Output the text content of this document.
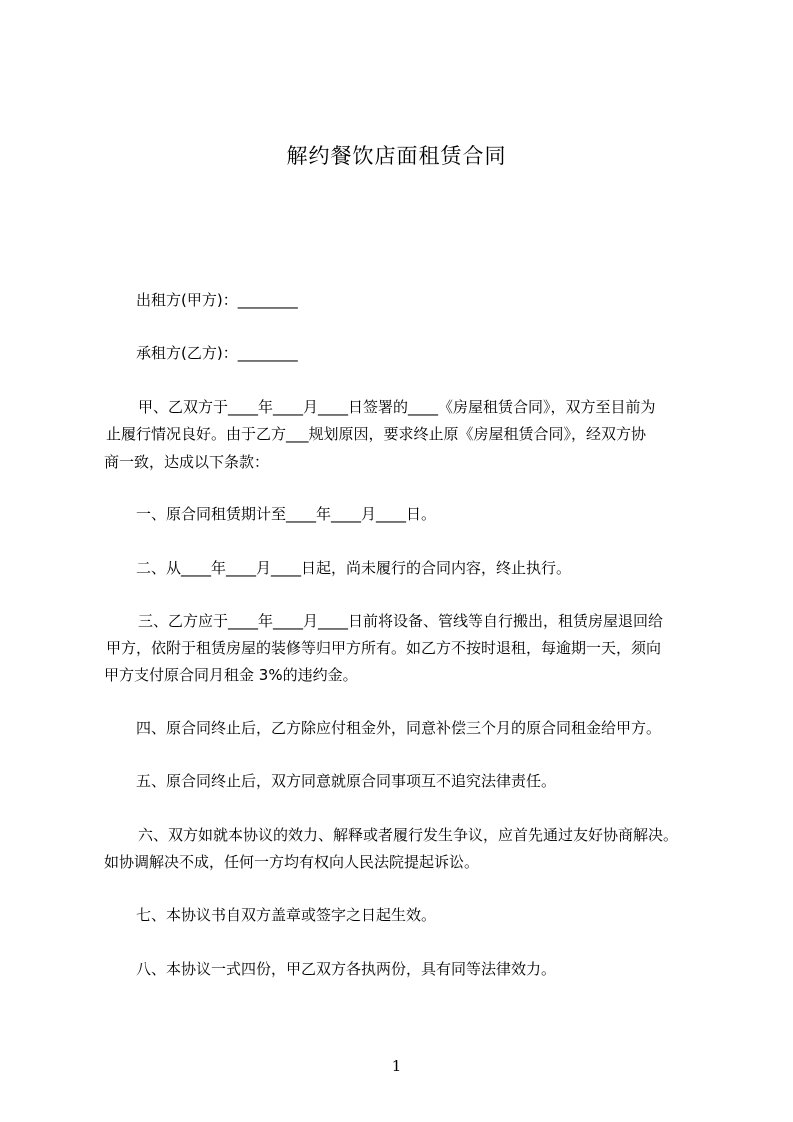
解约餐饮店面租赁合同
出租方(甲方)：________
承租方(乙方)：________
甲、乙双方于____年____月____日签署的____《房屋租赁合同》，双方至目前为
止履行情况良好。由于乙方___规划原因，要求终止原《房屋租赁合同》，经双方协
商一致，达成以下条款：
一、原合同租赁期计至____年____月____日。
二、从____年____月____日起，尚未履行的合同内容，终止执行。
三、乙方应于____年____月____日前将设备、管线等自行搬出，租赁房屋退回给
甲方，依附于租赁房屋的装修等归甲方所有。如乙方不按时退租，每逾期一天，须向
甲方支付原合同月租金 3%的违约金。
四、原合同终止后，乙方除应付租金外，同意补偿三个月的原合同租金给甲方。
五、原合同终止后，双方同意就原合同事项互不追究法律责任。
六、双方如就本协议的效力、解释或者履行发生争议，应首先通过友好协商解决。
如协调解决不成，任何一方均有权向人民法院提起诉讼。
七、本协议书自双方盖章或签字之日起生效。
八、本协议一式四份，甲乙双方各执两份，具有同等法律效力。
1
